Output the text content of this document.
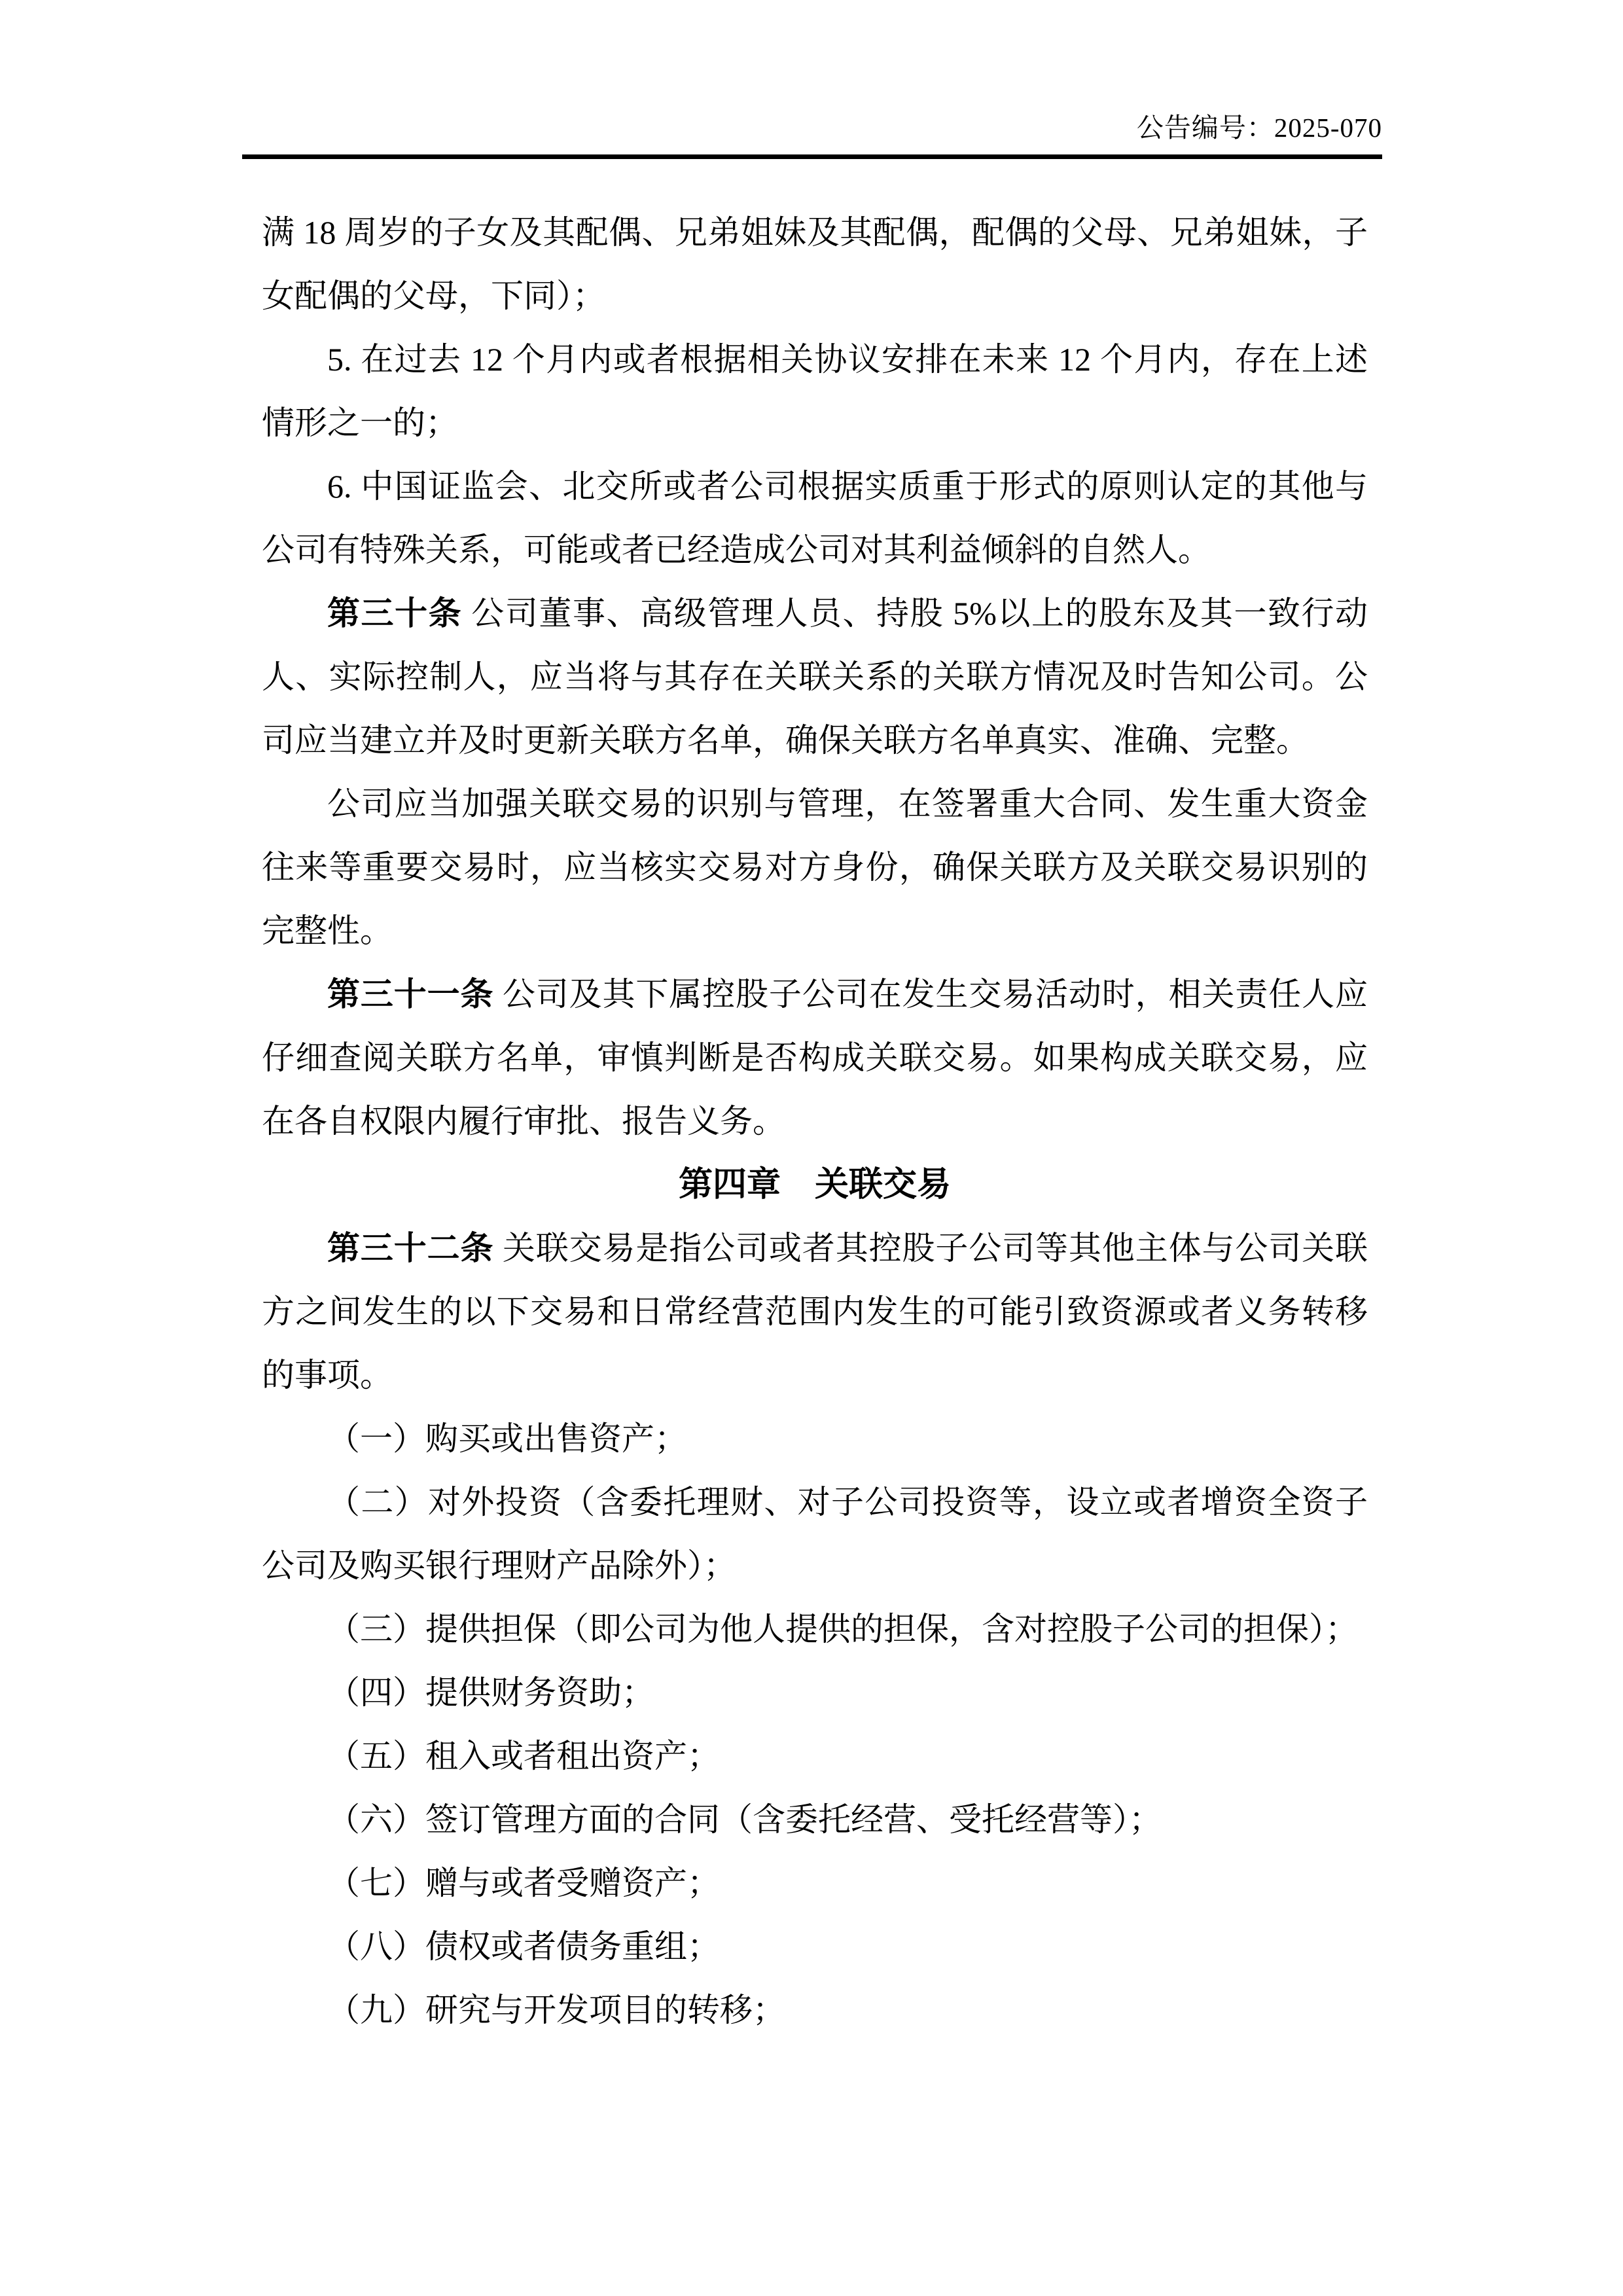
公告编号：2025-070

满 18 周岁的子女及其配偶、兄弟姐妹及其配偶，配偶的父母、兄弟姐妹，子女配偶的父母，下同）；

5. 在过去 12 个月内或者根据相关协议安排在未来 12 个月内，存在上述情形之一的；

6. 中国证监会、北交所或者公司根据实质重于形式的原则认定的其他与公司有特殊关系，可能或者已经造成公司对其利益倾斜的自然人。

第三十条 公司董事、高级管理人员、持股 5%以上的股东及其一致行动人、实际控制人，应当将与其存在关联关系的关联方情况及时告知公司。公司应当建立并及时更新关联方名单，确保关联方名单真实、准确、完整。

公司应当加强关联交易的识别与管理，在签署重大合同、发生重大资金往来等重要交易时，应当核实交易对方身份，确保关联方及关联交易识别的完整性。

第三十一条 公司及其下属控股子公司在发生交易活动时，相关责任人应仔细查阅关联方名单，审慎判断是否构成关联交易。如果构成关联交易，应在各自权限内履行审批、报告义务。

第四章　关联交易

第三十二条 关联交易是指公司或者其控股子公司等其他主体与公司关联方之间发生的以下交易和日常经营范围内发生的可能引致资源或者义务转移的事项。

（一）购买或出售资产；

（二）对外投资（含委托理财、对子公司投资等，设立或者增资全资子公司及购买银行理财产品除外）；

（三）提供担保（即公司为他人提供的担保，含对控股子公司的担保）；

（四）提供财务资助；

（五）租入或者租出资产；

（六）签订管理方面的合同（含委托经营、受托经营等）；

（七）赠与或者受赠资产；

（八）债权或者债务重组；

（九）研究与开发项目的转移；
